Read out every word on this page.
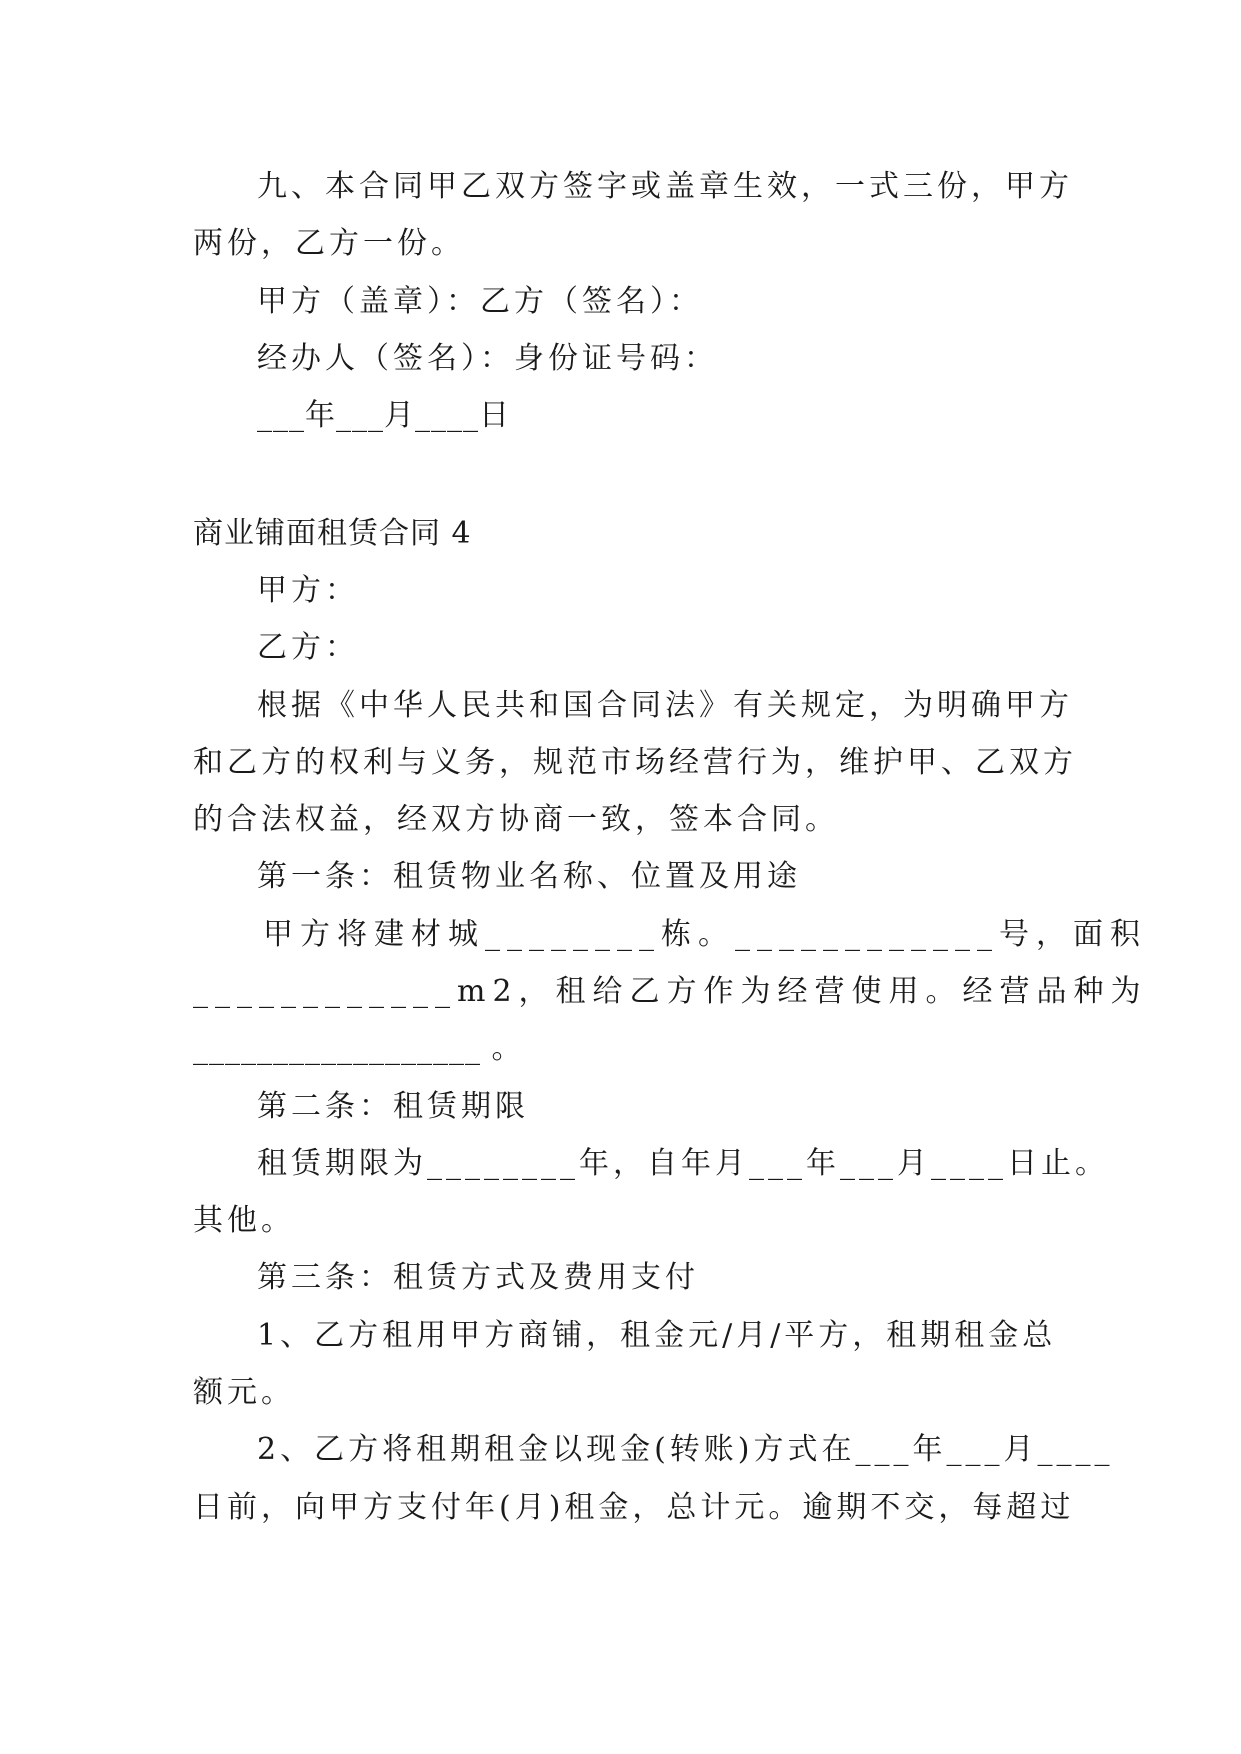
九、本合同甲乙双方签字或盖章生效，一式三份，甲方
两份，乙方一份。
甲方（盖章）：乙方（签名）：
经办人（签名）：身份证号码：
___年___月____日
商业铺面租赁合同 4
甲方：
乙方：
根据《中华人民共和国合同法》有关规定，为明确甲方
和乙方的权利与义务，规范市场经营行为，维护甲、乙双方
的合法权益，经双方协商一致，签本合同。
第一条：租赁物业名称、位置及用途
甲方将建材城________栋。____________号，面积
____________m2，租给乙方作为经营使用。经营品种为
__________________ 。
第二条：租赁期限
租赁期限为________年，自年月___年___月____日止。
其他。
第三条：租赁方式及费用支付
1、乙方租用甲方商铺，租金元/月/平方，租期租金总
额元。
2、乙方将租期租金以现金(转账)方式在___年___月____
日前，向甲方支付年(月)租金，总计元。逾期不交，每超过
